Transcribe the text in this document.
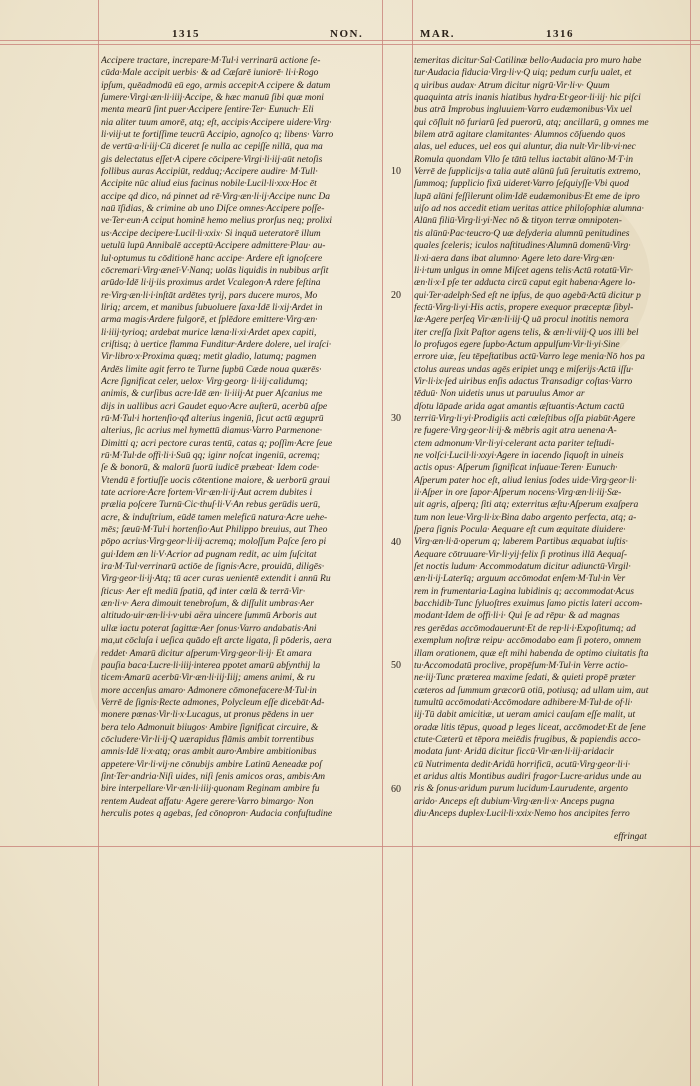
1315	NON.	MAR.	1316
Accipere tractare, increpare·M·Tul·i verrinarū actione ſe-
cūda·Male accipit uerbis· & ad Cæſarē iuniorē· li·i·Rogo
ipſum, quēadmodū eū ego, armis accepit·A ccipere & datum
ſumere·Virgi·æn·li·iiij·Accipe, & hæc manuū ſibi quæ moni
menta mearū ſint puer·Accipere ſentire·Ter· Eunuch· Eli
nia aliter tuum amorē, atq; eſt, accipis·Accipere uidere·Virg·
li·viij·ut te fortiſſime teucrū Accipio, agnoſco q; libens· Varro
de vertū·a·li·iij·Cū diceret ſe nulla ac cepiſſe nillā, qua ma
gis delectatus eſſet·A cipere cōcipere·Virgi·li·iij·aūt netoſis
follibus auras Accipiūt, redduq;·Accipere audire· M·Tull·
Accipite nūc aliud eius facinus nobile·Lucil·li·xxx·Hoc ēt
accipe qd dico, ná pinnet ad rē·Virg·æn·li·ij·Accipe nunc Da
naū īſidias, & crimine ab uno Diſce omnes·Accipere poſſe-
ve·Ter·eun·A cciput hominē hemo melius prorſus neq; prolixi
us·Accipe decipere·Lucil·li·xxix· Si inquā ueteratorē illum
uetulū lupū Annibalē acceptū·Accipere admittere·Plau· au-
lul·optumus tu cōditionē hanc accipe· Ardere eſt ignoſcere
cōcremari·Virg·æneī·V·Nanq; uolās liquidis in nubibus arſit
arūdo·Idē li·ij·iis proximus ardet Vcalegon·A rdere feſtina
re·Virg·æn·li·i·inſtāt ardētes tyrij, pars ducere muros, Mo
liriq; arcem, et manibus ſubuoluere ſaxa·Idē li·xij·Ardet in
arma magis·Ardere fulgorē, et ſplēdore emittere·Virg·æn·
li·iiij·tyrioq; ardebat murice læna·li·xi·Ardet apex capiti,
criſtisq; à uertice flamma Funditur·Ardere dolere, uel iraſci·
Vir·libro·x·Proxima quæq; metit gladio, latumq; pagmen
Ardēs limite agit ferro te Turne ſupbū Cæde noua quærēs·
Acre ſignificat celer, uelox· Virg·georg· li·iij·calidumq;
animis, & curſibus acre·Idē æn· li·iiij·At puer Aſcanius me
dijs in uallibus acri Gaudet equo·Acre auſterū, acerbū aſpe
rū·M·Tul·i hortenſio·qđ alterius ingeniū, ſicut actū æguprū
alterius, ſic acrius mel hymettū diamus·Varro Parmenone·
Dimitti q; acri pectore curas tentū, catas q; poſſim·Acre ſeue
rū·M·Tul·de offi·li·i·Suū qq; iginr noſcat ingeniū, acremq;
ſe & bonorū, & malorū ſuorū iudicē præbeat· Idem code·
Vtendū ē fortiuſſe uocis cōtentione maiore, & uerborū graui
tate acriore·Acre fortem·Vir·æn·li·ij·Aut acrem dubites i
prælia poſcere Turnū·Cic·thuſ·li·V·An rebus gerūdis uerū,
acre, & induſtrium, eūdē tamen meleficū natura·Acre uehe-
mēs; ſæuū·M·Tul·i hortenſio·Aut Philippo breuius, aut Theo
pōpo acrius·Virg·geor·li·iij·acremq; moloſſum Paſce ſero pi
gui·Idem æn li·V·Acrior ad pugnam redit, ac uim ſuſcitat
ira·M·Tul·verrinarū actiōe de ſignis·Acre, prouidū, diligēs·
Virg·geor·li·ij·Atq; tū acer curas uenientē extendit i annū Ru
ſticus· Aer eſt mediū ſpatiū, qđ inter cœlū & terrā·Vir·
æn·li·v· Aera dimouit tenebroſum, & diſſulit umbras·Aer
altitudo·uir·æn·li·i·v·ubi aëra uincere ſummū Arboris aut
ullæ iactu poterat ſagittæ·Aer ſonus·Varro andabatis·Ani
ma,ut cōcluſa i ueſica quādo eſt arcte ligata, ſi pōderis, aera
reddet· Amarū dicitur aſperum·Virg·geor·li·ij· Et amara
pauſia baca·Lucre·li·iiij·interea ppotet amarū abſynthij la
ticem·Amarū acerbū·Vir·æn·li·iij·Iiij; amens animi, & ru
more accenſus amaro· Admonere cōmonefacere·M·Tul·in
Verrē de ſignis·Recte admones, Polycleum eſſe dicebāt·Ad-
monere pœnas·Vir·li·x·Lucagus, ut pronus pēdens in uer
bera telo Admonuit biiugos· Ambire ſignificat circuire, &
cōcludere·Vir·li·ij·Q uærapidus flāmis ambit torrentibus
amnis·Idē li·x·atq; oras ambit auro·Ambire ambitionibus
appetere·Vir·li·vij·ne cōnubijs ambire Latinū Aeneadæ poſ
ſint·Ter·andria·Niſi uides, niſi ſenis amicos oras, ambis·Am
bire interpellare·Vir·æn·li·iiij·quonam Reginam ambire fu
rentem Audeat affatu· Agere gerere·Varro bimargo· Non
herculis potes q agebas, ſed cōnopron· Audacia confuſtudine
10
20
30
40
50
60
temeritas dicitur·Sal·Catilinæ bello·Audacia pro muro habe
tur·Audacia fiducia·Virg·li·v·Q uiq; pedum curſu ualet, et
q uiribus audax· Atrum dicitur nigrū·Vir·li·v· Quum
quaquinta atris inanis hiatibus hydra·Et·geor·li·iij· hic piſci
bus atrā Improbus ingluuiem·Varro eudæmonibus·Vix uel
qui cōſluit nō furiarū ſed puerorū, atq; ancillarū, g omnes me
bilem atrā agitare clamitantes· Alumnos cōſuendo quos
alas, uel educes, uel eos qui aluntur, dia nult·Vir·lib·vi·nec
Romula quondam Vllo ſe tātū tellus iactabit alūno·M·T·in
Verrē de ſupplicijs·a talia autē alūnū ſuū ſeruitutis extremo,
ſummoq; ſupplicio fixū uideret·Varro ſeſquiyſſe·Vbi quod
lupā alūni feſſilerunt olim·Idē eudæmonibus·Et eme de ipro
uiſo ad nos accedit etiam ueritas attice philoſophiæ alumna·
Alūnū filiū·Virg·li·yi·Nec nō & tityon terræ omnipoten-
tis alūnū·Pac·teucro·Q uæ deſyderia alumnū penitudines
quales ſceleris; iculos naſtitudines·Alumnū domenū·Virg·
li·xi·aera dans ibat alumno· Agere leto dare·Virg·æn·
li·i·tum unlgus in omne Miſcet agens telis·Actū rotatū·Vir·
æn·li·x·I pſe ter adducta circū caput egit habena·Agere lo-
qui·Ter·adelph·Sed eſt ne ipſus, de quo agebā·Actū dicitur p
fectū·Virg·li·yi·His actis, propere exequor præceptæ ſibyl-
læ·Agere perſeq Vir·æn·li·iij·Q uā procul inotitis nemora
iter creſſa ſixit Paſtor agens telis, & æn·li·viij·Q uos illi bel
lo profugos egere ſupbo·Actum appulſum·Vir·li·yi·Sine
errore uiæ, ſeu tēpeſtatibus actū·Varro lege menia·Nō hos pa
ctolus aureas undas agēs eripiet unqȝ e miſerijs·Actū iſſu·
Vir·li·ix·ſed uiribus enſis adactus Transadigr coſtas·Varro
tēduū· Non uidetis unus ut paruulus Amor ar
dſotu lāpade arida agat amantis æſtuantis·Actum cactū
terriū·Virg·li·yi·Prodigiis acti cœleſtibus oſſa piabūt·Agere
re fugere·Virg·geor·li·ij·& mēbris agit atra uenena·A-
ctem admonum·Vir·li·yi·celerant acta pariter teſtudi-
ne volſci·Lucil·li·xxyi·Agere in iacendo ſiquoſt in uineis
actis opus· Aſperum ſignificat inſuaue·Teren· Eunuch·
Aſperum pater hoc eſt, aliud lenius ſodes uide·Virg·geor·li·
ii·Aſper in ore ſapor·Aſperum nocens·Virg·æn·li·iij·Sæ-
uit agris, aſperq; ſiti atq; exterritus æſtu·Aſperum exaſpera
tum non leue·Virg·li·ix·Bina dabo argento perfecta, atq; a-
ſpera ſignis Pocula· Aequare eſt cum æquitate diuidere·
Virg·æn·li·ā·operum q; laberem Partibus æquabat iuſtis·
Aequare cōtruuare·Vir·li·yij·felix ſi protinus illā Aequaſ-
ſet noctis ludum· Accommodatum dicitur adiunctū·Virgil·
æn·li·ij·Laterīq; arguum accōmodat enſem·M·Tul·in Ver
rem in frumentaria·Lagina lubidinis q; accommodat·Acus
bacchidib·Tunc ſyluoſtres exuimus ſamo pictis lateri accom-
modant·Idem de offi·li·i· Qui ſe ad rēpu· & ad magnas
res gerēdas accōmodauerunt·Et de rep·li·i·Expoſitumq; ad
exemplum noſtræ reipu· accōmodabo eam ſi potero, omnem
illam orationem, quæ eſt mihi habenda de optimo ciuitatis ſta
tu·Accomodatū proclive, propēſum·M·Tul·in Verre actio-
ne·iij·Tunc præterea maxime ſedati, & quieti propē præter
cæteros ad ſummum græcorū otiū, potiusq; ad ullam uim, aut
tumultū accōmodati·Accōmodare adhibere·M·Tul·de of·li·
iij·Tū dabit amicitiæ, ut ueram amici cauſam eſſe malit, ut
oradæ litis tēpus, quoad p leges liceat, accōmodet·Et de ſene
ctute·Cæterū et tēpora meiēdis frugibus, & papiendis acco-
modata ſunt· Aridū dicitur ſiccū·Vir·æn·li·iij·aridacir
cū Nutrimenta dedit·Aridū horrificū, acutū·Virg·geor·li·i·
et aridus altis Montibus audiri fragor·Lucre·aridus unde au
ris & ſonus·aridum purum lucidum·Laurudente, argento
arido· Anceps eſt dubium·Virg·æn·li·x· Anceps pugna
diu·Anceps duplex·Lucil·li·xxix·Nemo hos ancipites ferro
effringat
